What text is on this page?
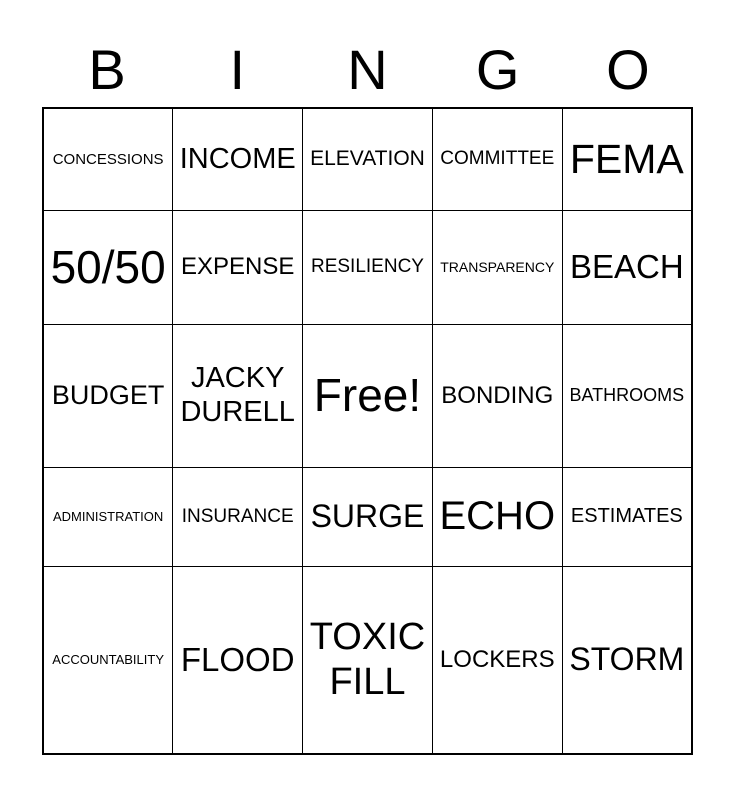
B	I	N	G	O
CONCESSIONS	INCOME	ELEVATION	COMMITTEE	FEMA

50/50	EXPENSE	RESILIENCY	TRANSPARENCY	BEACH

BUDGET	JACKY DURELL	Free!	BONDING	BATHROOMS

ADMINISTRATION	INSURANCE	SURGE	ECHO	ESTIMATES

ACCOUNTABILITY	FLOOD	TOXIC FILL	LOCKERS	STORM
